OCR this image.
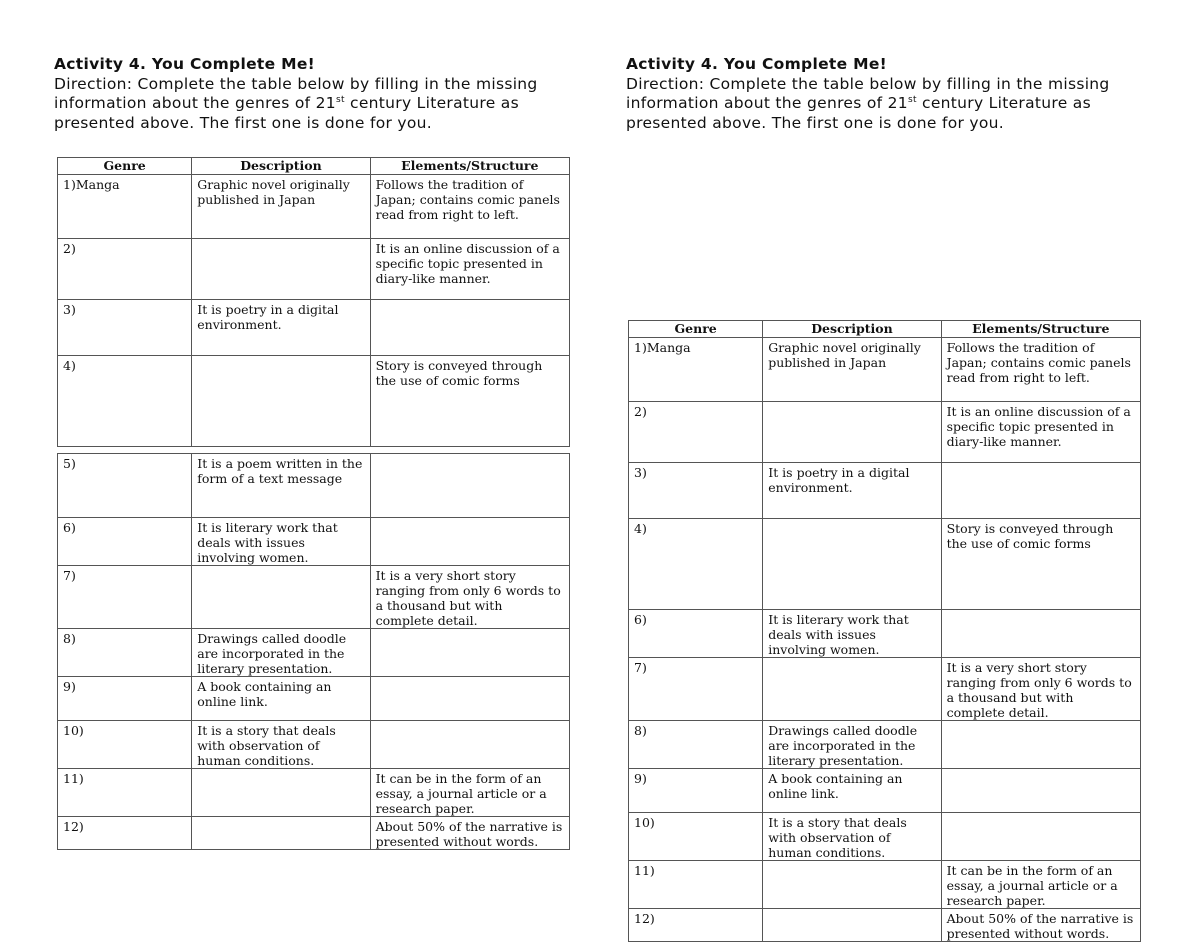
Activity 4. You Complete Me!
Direction: Complete the table below by filling in the missing
information about the genres of 21st century Literature as
presented above. The first one is done for you.
Genre	Description	Elements/Structure
1)Manga	Graphic novel originally published in Japan	Follows the tradition of Japan; contains comic panels read from right to left.
2)		It is an online discussion of a specific topic presented in diary-like manner.
3)	It is poetry in a digital environment.	
4)		Story is conveyed through the use of comic forms

5)	It is a poem written in the form of a text message	
6)	It is literary work that deals with issues involving women.	
7)		It is a very short story ranging from only 6 words to a thousand but with complete detail.
8)	Drawings called doodle are incorporated in the literary presentation.	
9)	A book containing an online link.	
10)	It is a story that deals with observation of human conditions.	
11)		It can be in the form of an essay, a journal article or a research paper.
12)		About 50% of the narrative is presented without words.
Activity 4. You Complete Me!
Direction: Complete the table below by filling in the missing
information about the genres of 21st century Literature as
presented above. The first one is done for you.
Genre	Description	Elements/Structure
1)Manga	Graphic novel originally published in Japan	Follows the tradition of Japan; contains comic panels read from right to left.
2)		It is an online discussion of a specific topic presented in diary-like manner.
3)	It is poetry in a digital environment.	
4)		Story is conveyed through the use of comic forms
6)	It is literary work that deals with issues involving women.	
7)		It is a very short story ranging from only 6 words to a thousand but with complete detail.
8)	Drawings called doodle are incorporated in the literary presentation.	
9)	A book containing an online link.	
10)	It is a story that deals with observation of human conditions.	
11)		It can be in the form of an essay, a journal article or a research paper.
12)		About 50% of the narrative is presented without words.
